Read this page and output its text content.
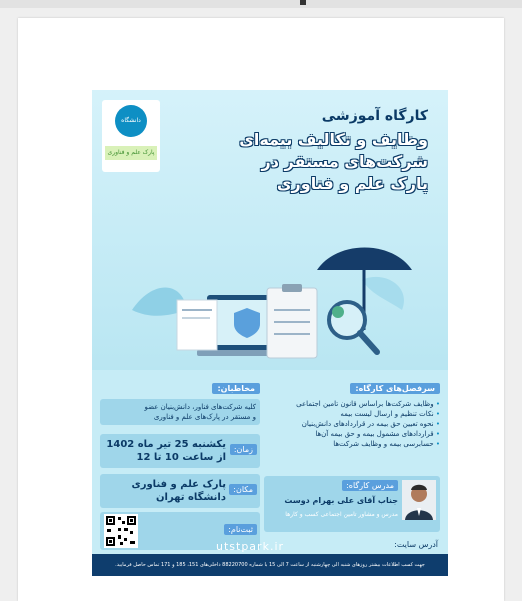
دانشگاه
پارک علم و فناوری
کارگاه آموزشی
وظایف و تکالیف بیمه‌ای
شرکت‌های مستقر در
پارک علم و فناوری
سرفصل‌های کارگاه:
• وظایف شرکت‌ها براساس قانون تامین اجتماعی
• نکات تنظیم و ارسال لیست بیمه
• نحوه تعیین حق بیمه در قراردادهای دانش‌بنیان
• قراردادهای مشمول بیمه و حق بیمه آن‌ها
• حسابرسی بیمه و وظایف شرکت‌ها
مخاطبان:
کلیه شرکت‌های فناور، دانش‌بنیان عضو
و مستقر در پارک‌های علم و فناوری
زمان:
یکشنبه 25 تیر ماه 1402
از ساعت 10 تا 12
مکان:
پارک علم و فناوری
دانشگاه تهران
ثبت‌نام:
مدرس کارگاه:
جناب آقای علی بهرام دوست
مدرس و مشاور تامین اجتماعی کسب و کارها
آدرس سایت:
utstpark.ir
جهت کسب اطلاعات بیشتر روزهای شنبه الی چهارشنبه از ساعت 7 الی 15 با شماره 88220700 داخلی‌های 151، 185 و 171 تماس حاصل فرمایید.
